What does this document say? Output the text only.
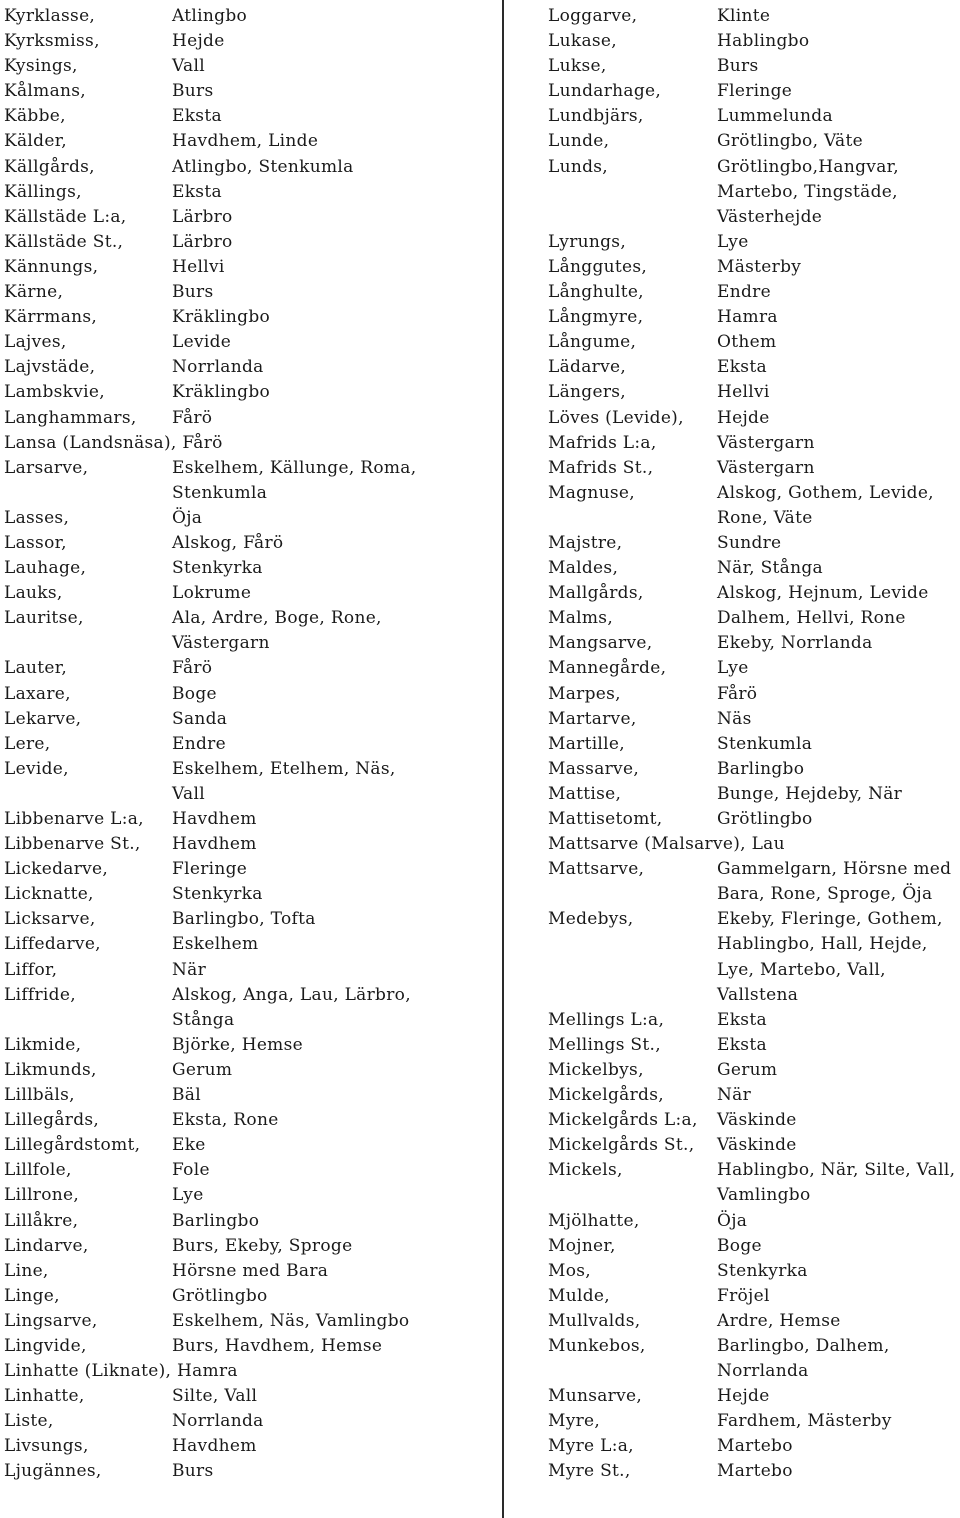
Kyrklasse,	Atlingbo
Kyrksmiss,	Hejde
Kysings,	Vall
Kålmans,	Burs
Käbbe,	Eksta
Kälder,	Havdhem, Linde
Källgårds,	Atlingbo, Stenkumla
Källings,	Eksta
Källstäde L:a,	Lärbro
Källstäde St.,	Lärbro
Kännungs,	Hellvi
Kärne,	Burs
Kärrmans,	Kräklingbo
Lajves,	Levide
Lajvstäde,	Norrlanda
Lambskvie,	Kräklingbo
Langhammars, Fårö
Lansa (Landsnäsa), Fårö
Larsarve,	Eskelhem, Källunge, Roma,
Stenkumla
Lasses,	Öja
Lassor,	Alskog, Fårö
Lauhage,	Stenkyrka
Lauks,	Lokrume
Lauritse,	Ala, Ardre, Boge, Rone,
Västergarn
Lauter,	Fårö
Laxare,	Boge
Lekarve,	Sanda
Lere,	Endre
Levide,	Eskelhem, Etelhem, Näs,
Vall
Libbenarve L:a, Havdhem
Libbenarve St., Havdhem
Lickedarve,	Fleringe
Licknatte,	Stenkyrka
Licksarve,	Barlingbo, Tofta
Liffedarve,	Eskelhem
Liffor,	När
Liffride,	Alskog, Anga, Lau, Lärbro,
Stånga
Likmide,	Björke, Hemse
Likmunds,	Gerum
Lillbäls,	Bäl
Lillegårds,	Eksta, Rone
Lillegårdstomt, Eke
Lillfole,	Fole
Lillrone,	Lye
Lillåkre,	Barlingbo
Lindarve,	Burs, Ekeby, Sproge
Line,	Hörsne med Bara
Linge,	Grötlingbo
Lingsarve,	Eskelhem, Näs, Vamlingbo
Lingvide,	Burs, Havdhem, Hemse
Linhatte (Liknate), Hamra
Linhatte,	Silte, Vall
Liste,	Norrlanda
Livsungs,	Havdhem
Ljugännes,	Burs
Loggarve,	Klinte
Lukase,	Hablingbo
Lukse,	Burs
Lundarhage,	Fleringe
Lundbjärs,	Lummelunda
Lunde,	Grötlingbo, Väte
Lunds,	Grötlingbo,Hangvar,
Martebo, Tingstäde,
Västerhejde
Lyrungs,	Lye
Långgutes,	Mästerby
Långhulte,	Endre
Långmyre,	Hamra
Långume,	Othem
Lädarve,	Eksta
Längers,	Hellvi
Löves (Levide), Hejde
Mafrids L:a,	Västergarn
Mafrids St.,	Västergarn
Magnuse,	Alskog, Gothem, Levide,
Rone, Väte
Majstre,	Sundre
Maldes,	När, Stånga
Mallgårds,	Alskog, Hejnum, Levide
Malms,	Dalhem, Hellvi, Rone
Mangsarve,	Ekeby, Norrlanda
Mannegårde,	Lye
Marpes,	Fårö
Martarve,	Näs
Martille,	Stenkumla
Massarve,	Barlingbo
Mattise,	Bunge, Hejdeby, När
Mattisetomt,	Grötlingbo
Mattsarve (Malsarve), Lau
Mattsarve,	Gammelgarn, Hörsne med
Bara, Rone, Sproge, Öja
Medebys,	Ekeby, Fleringe, Gothem,
Hablingbo, Hall, Hejde,
Lye, Martebo, Vall,
Vallstena
Mellings L:a,	Eksta
Mellings St.,	Eksta
Mickelbys,	Gerum
Mickelgårds,	När
Mickelgårds L:a, Väskinde
Mickelgårds St., Väskinde
Mickels,	Hablingbo, När, Silte, Vall,
Vamlingbo
Mjölhatte,	Öja
Mojner,	Boge
Mos,	Stenkyrka
Mulde,	Fröjel
Mullvalds,	Ardre, Hemse
Munkebos,	Barlingbo, Dalhem,
Norrlanda
Munsarve,	Hejde
Myre,	Fardhem, Mästerby
Myre L:a,	Martebo
Myre St.,	Martebo
